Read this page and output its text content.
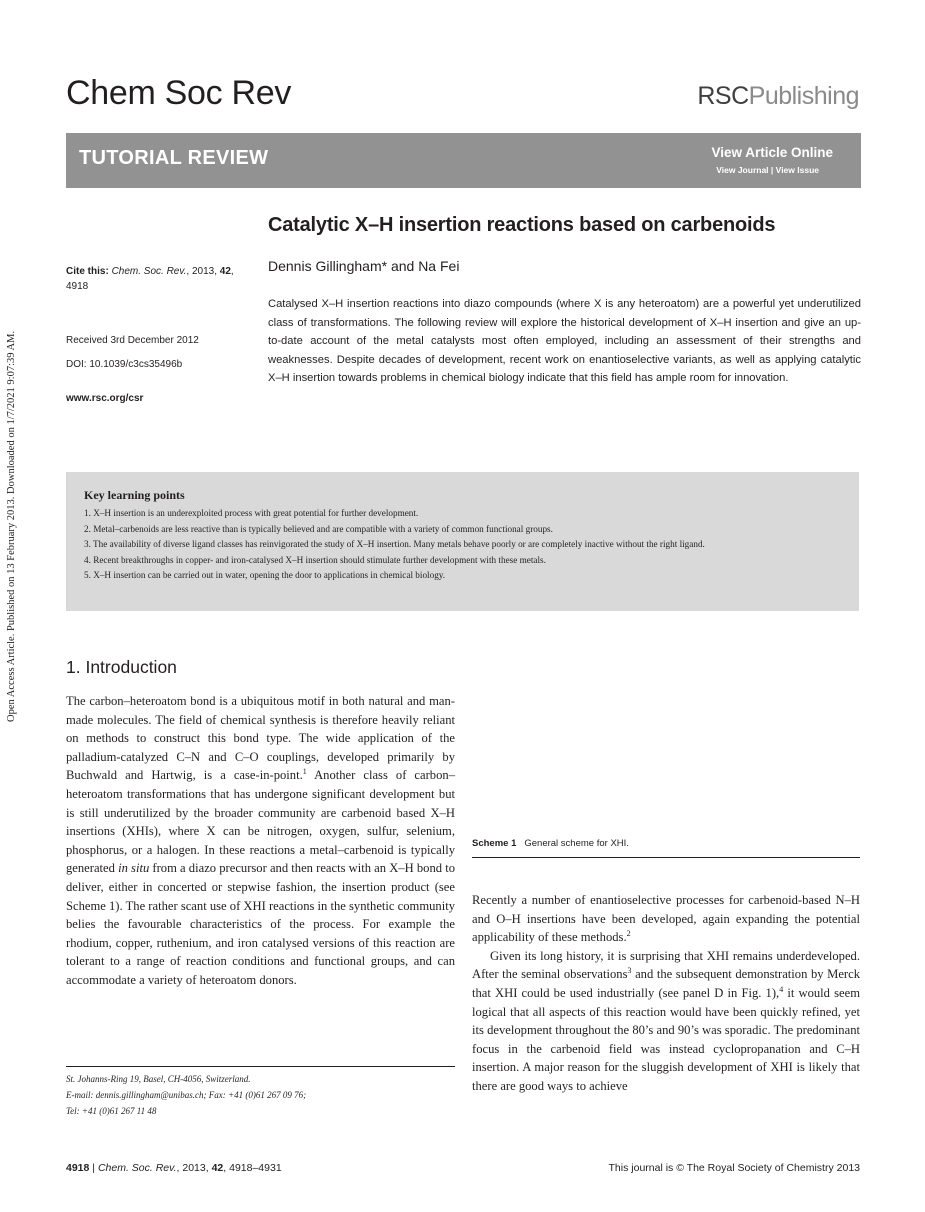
Chem Soc Rev	RSCPublishing
TUTORIAL REVIEW	View Article Online
View Journal | View Issue
Open Access Article. Published on 13 February 2013. Downloaded on 1/7/2021 9:07:39 AM.
Catalytic X–H insertion reactions based on carbenoids
Dennis Gillingham* and Na Fei
Cite this: Chem. Soc. Rev., 2013, 42, 4918
Received 3rd December 2012
DOI: 10.1039/c3cs35496b
www.rsc.org/csr
Catalysed X–H insertion reactions into diazo compounds (where X is any heteroatom) are a powerful yet underutilized class of transformations. The following review will explore the historical development of X–H insertion and give an up-to-date account of the metal catalysts most often employed, including an assessment of their strengths and weaknesses. Despite decades of development, recent work on enantioselective variants, as well as applying catalytic X–H insertion towards problems in chemical biology indicate that this field has ample room for innovation.
Key learning points
1. X–H insertion is an underexploited process with great potential for further development.
2. Metal–carbenoids are less reactive than is typically believed and are compatible with a variety of common functional groups.
3. The availability of diverse ligand classes has reinvigorated the study of X–H insertion. Many metals behave poorly or are completely inactive without the right ligand.
4. Recent breakthroughs in copper- and iron-catalysed X–H insertion should stimulate further development with these metals.
5. X–H insertion can be carried out in water, opening the door to applications in chemical biology.
1. Introduction

The carbon–heteroatom bond is a ubiquitous motif in both natural and man-made molecules. The field of chemical synthesis is therefore heavily reliant on methods to construct this bond type. The wide application of the palladium-catalyzed C–N and C–O couplings, developed primarily by Buchwald and Hartwig, is a case-in-point.$^1$ Another class of carbon–heteroatom transformations that has undergone significant development but is still underutilized by the broader community are carbenoid based X–H insertions (XHIs), where X can be nitrogen, oxygen, sulfur, selenium, phosphorus, or a halogen. In these reactions a metal–carbenoid is typically generated in situ from a diazo precursor and then reacts with an X–H bond to deliver, either in concerted or stepwise fashion, the insertion product (see Scheme 1). The rather scant use of XHI reactions in the synthetic community belies the favourable characteristics of the process. For example the rhodium, copper, ruthenium, and iron catalysed versions of this reaction are tolerant to a range of reaction conditions and functional groups, and can accommodate a variety of heteroatom donors.

Scheme 1 General scheme for XHI.

Recently a number of enantioselective processes for carbenoid-based N–H and O–H insertions have been developed, again expanding the potential applicability of these methods.$^2$

Given its long history, it is surprising that XHI remains underdeveloped. After the seminal observations$^3$ and the subsequent demonstration by Merck that XHI could be used industrially (see panel D in Fig. 1),$^4$ it would seem logical that all aspects of this reaction would have been quickly refined, yet its development throughout the 80’s and 90’s was sporadic. The predominant focus in the carbenoid field was instead cyclopropanation and C–H insertion. A major reason for the sluggish development of XHI is likely that there are good ways to achieve

St. Johanns-Ring 19, Basel, CH-4056, Switzerland.
E-mail: dennis.gillingham@unibas.ch; Fax: +41 (0)61 267 09 76;
Tel: +41 (0)61 267 11 48
4918 | Chem. Soc. Rev., 2013, 42, 4918–4931	This journal is © The Royal Society of Chemistry 2013
